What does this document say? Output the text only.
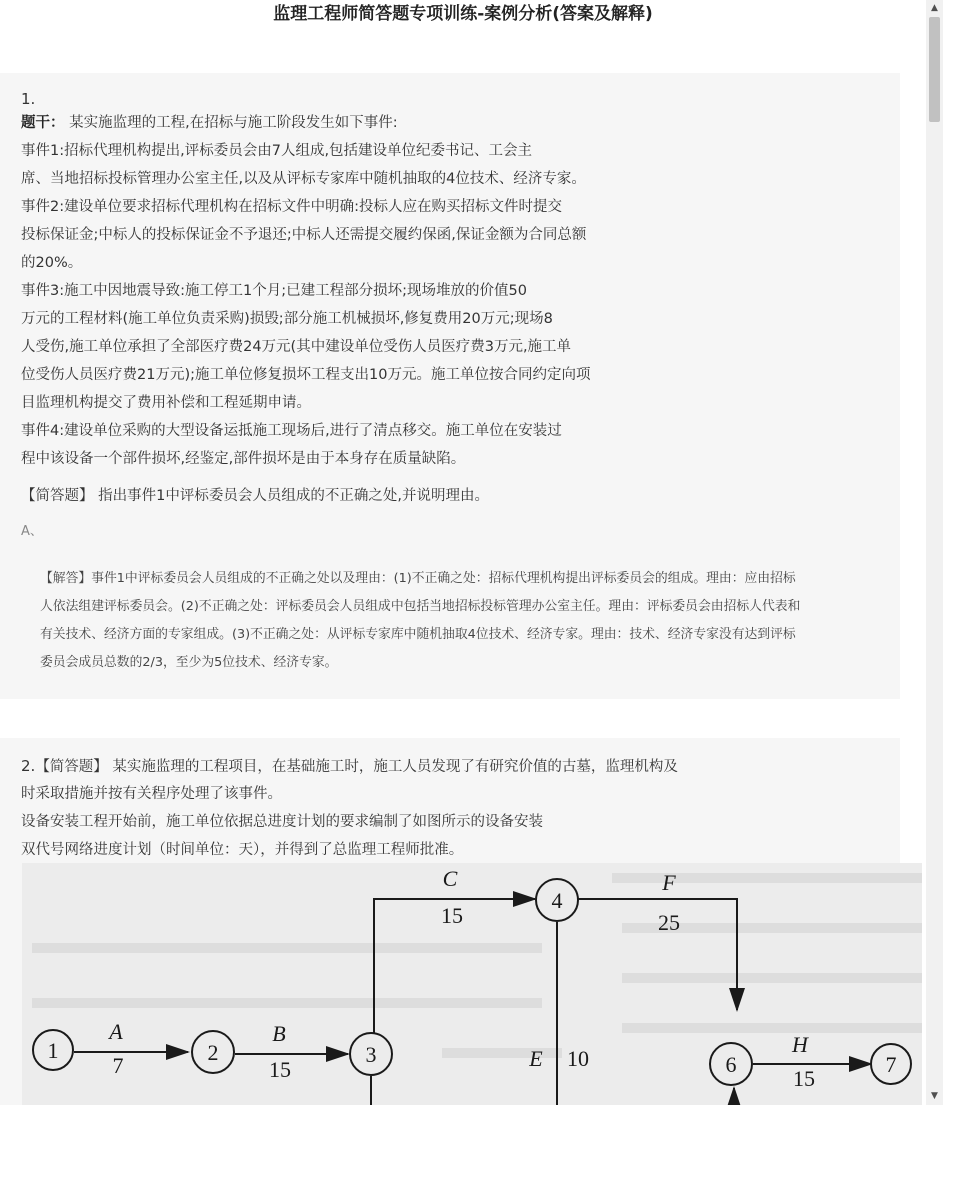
监理工程师简答题专项训练-案例分析(答案及解释)

1.

题干： 某实施监理的工程,在招标与施工阶段发生如下事件:

事件1:招标代理机构提出,评标委员会由7人组成,包括建设单位纪委书记、工会主

席、当地招标投标管理办公室主任,以及从评标专家库中随机抽取的4位技术、经济专家。

事件2:建设单位要求招标代理机构在招标文件中明确:投标人应在购买招标文件时提交

投标保证金;中标人的投标保证金不予退还;中标人还需提交履约保函,保证金额为合同总额

的20%。

事件3:施工中因地震导致:施工停工1个月;已建工程部分损坏;现场堆放的价值50

万元的工程材料(施工单位负责采购)损毁;部分施工机械损坏,修复费用20万元;现场8

人受伤,施工单位承担了全部医疗费24万元(其中建设单位受伤人员医疗费3万元,施工单

位受伤人员医疗费21万元);施工单位修复损坏工程支出10万元。施工单位按合同约定向项

目监理机构提交了费用补偿和工程延期申请。

事件4:建设单位采购的大型设备运抵施工现场后,进行了清点移交。施工单位在安装过

程中该设备一个部件损坏,经鉴定,部件损坏是由于本身存在质量缺陷。

【简答题】 指出事件1中评标委员会人员组成的不正确之处,并说明理由。

A、

【解答】事件1中评标委员会人员组成的不正确之处以及理由：(1)不正确之处：招标代理机构提出评标委员会的组成。理由：应由招标

人依法组建评标委员会。(2)不正确之处：评标委员会人员组成中包括当地招标投标管理办公室主任。理由：评标委员会由招标人代表和

有关技术、经济方面的专家组成。(3)不正确之处：从评标专家库中随机抽取4位技术、经济专家。理由：技术、经济专家没有达到评标

委员会成员总数的2/3，至少为5位技术、经济专家。

2.【简答题】 某实施监理的工程项目，在基础施工时，施工人员发现了有研究价值的古墓，监理机构及

时采取措施并按有关程序处理了该事件。

设备安装工程开始前，施工单位依据总进度计划的要求编制了如图所示的设备安装

双代号网络进度计划（时间单位：天），并得到了总监理工程师批准。

1	2	3
4
6	7
A	B
C	F
E
H
7	15
15	25
10
15
▲
▼
